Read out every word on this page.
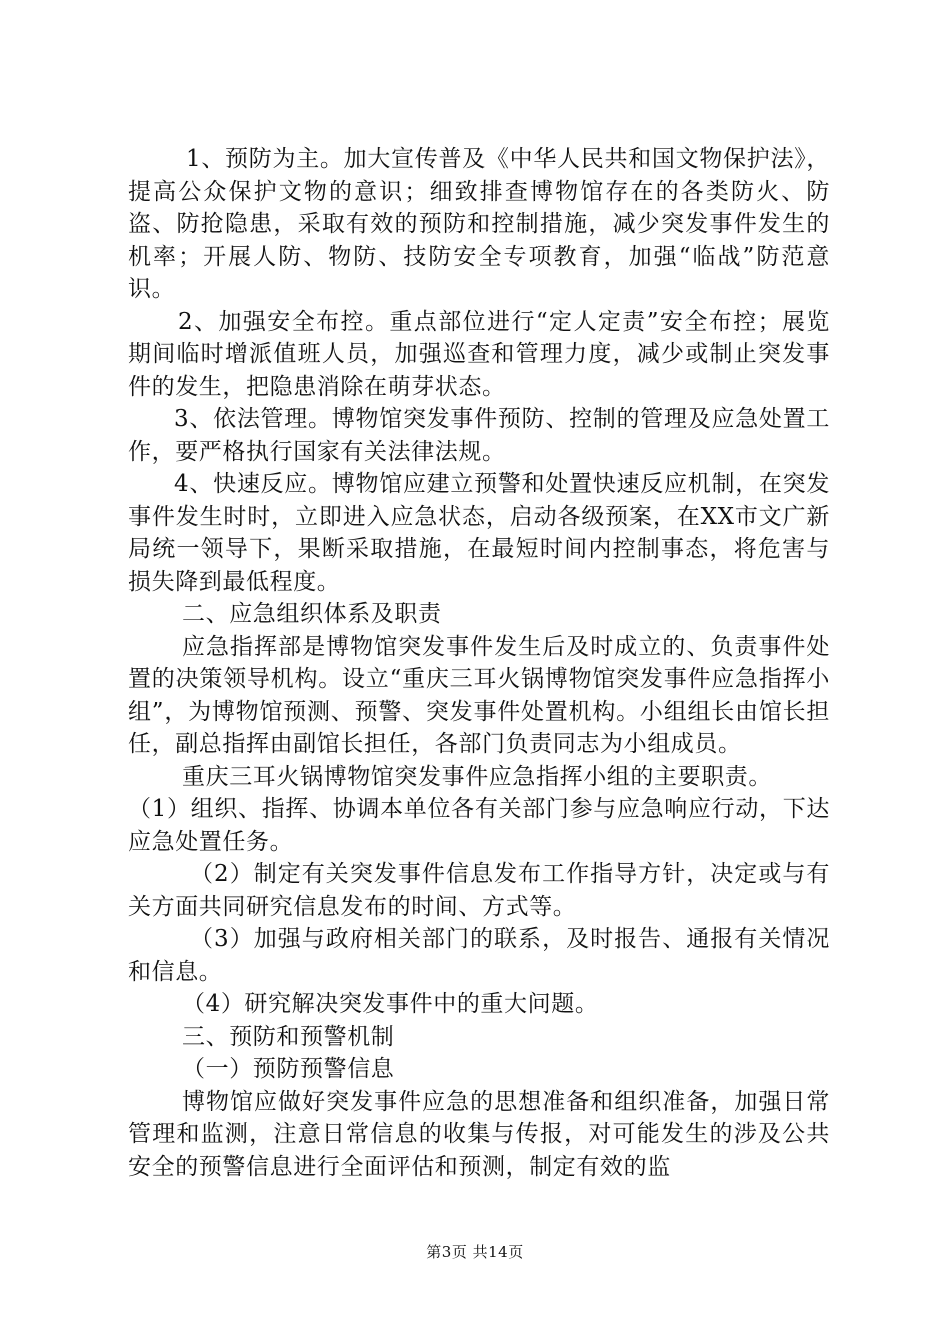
1、预防为主。加大宣传普及《中华人民共和国文物保护法》，提高公众保护文物的意识；细致排查博物馆存在的各类防火、防盗、防抢隐患，采取有效的预防和控制措施，减少突发事件发生的机率；开展人防、物防、技防安全专项教育，加强“临战”防范意识。

2、加强安全布控。重点部位进行“定人定责”安全布控；展览期间临时增派值班人员，加强巡查和管理力度，减少或制止突发事件的发生，把隐患消除在萌芽状态。

3、依法管理。博物馆突发事件预防、控制的管理及应急处置工作，要严格执行国家有关法律法规。

4、快速反应。博物馆应建立预警和处置快速反应机制，在突发事件发生时时，立即进入应急状态，启动各级预案，在XX市文广新局统一领导下，果断采取措施，在最短时间内控制事态，将危害与损失降到最低程度。

二、应急组织体系及职责

应急指挥部是博物馆突发事件发生后及时成立的、负责事件处置的决策领导机构。设立“重庆三耳火锅博物馆突发事件应急指挥小组”，为博物馆预测、预警、突发事件处置机构。小组组长由馆长担任，副总指挥由副馆长担任，各部门负责同志为小组成员。

重庆三耳火锅博物馆突发事件应急指挥小组的主要职责。

（1）组织、指挥、协调本单位各有关部门参与应急响应行动，下达应急处置任务。

（2）制定有关突发事件信息发布工作指导方针，决定或与有关方面共同研究信息发布的时间、方式等。

（3）加强与政府相关部门的联系，及时报告、通报有关情况和信息。

（4）研究解决突发事件中的重大问题。

三、预防和预警机制

（一）预防预警信息

博物馆应做好突发事件应急的思想准备和组织准备，加强日常管理和监测，注意日常信息的收集与传报，对可能发生的涉及公共安全的预警信息进行全面评估和预测，制定有效的监

第3页 共14页
